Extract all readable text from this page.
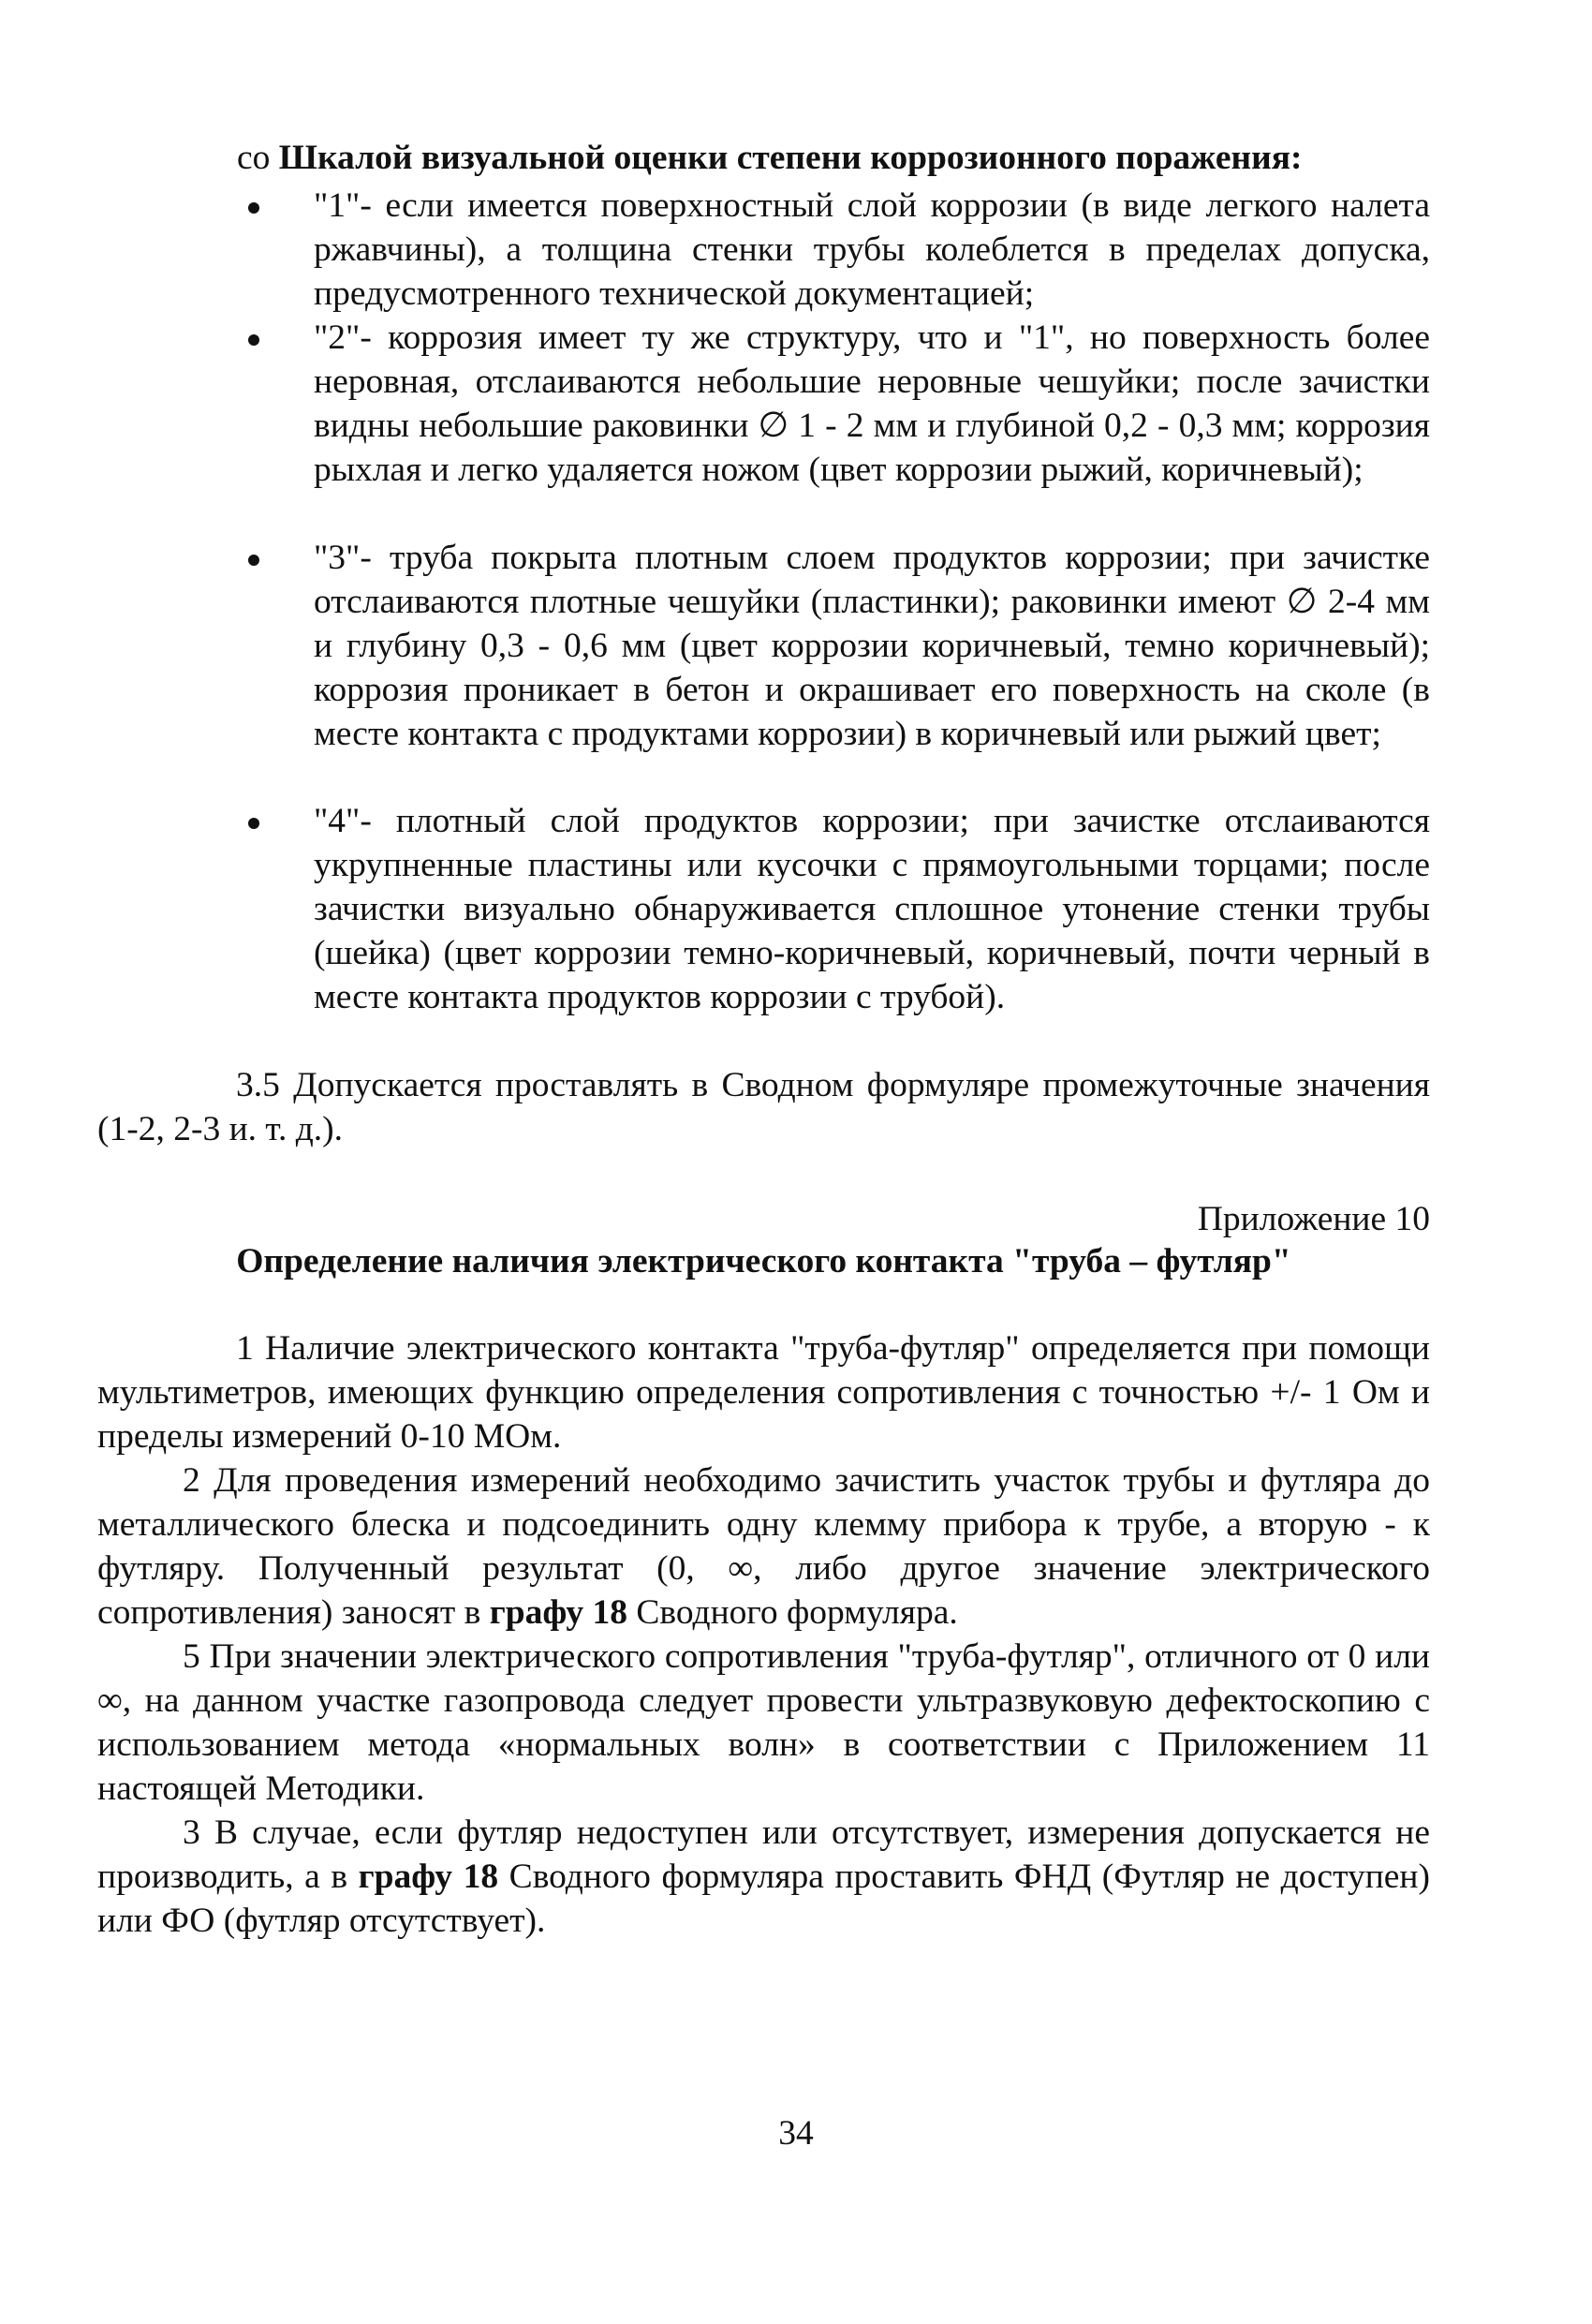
со Шкалой визуальной оценки степени коррозионного поражения:

"1"- если имеется поверхностный слой коррозии (в виде легкого налета ржавчины), а толщина стенки трубы колеблется в пределах допуска, предусмотренного технической документацией;

"2"- коррозия имеет ту же структуру, что и "1", но поверхность более неровная, отслаиваются небольшие неровные чешуйки; после зачистки видны небольшие раковинки ∅ 1 - 2 мм и глубиной 0,2 - 0,3 мм; коррозия рыхлая и легко удаляется ножом (цвет коррозии рыжий, коричневый);

"3"- труба покрыта плотным слоем продуктов коррозии; при зачистке отслаиваются плотные чешуйки (пластинки); раковинки имеют ∅ 2-4 мм и глубину 0,3 - 0,6 мм (цвет коррозии коричневый, темно коричневый); коррозия проникает в бетон и окрашивает его поверхность на сколе (в месте контакта с продуктами коррозии) в коричневый или рыжий цвет;

"4"- плотный слой продуктов коррозии; при зачистке отслаиваются укрупненные пластины или кусочки с прямоугольными торцами; после зачистки визуально обнаруживается сплошное утонение стенки трубы (шейка) (цвет коррозии темно-коричневый, коричневый, почти черный в месте контакта продуктов коррозии с трубой).

3.5 Допускается проставлять в Сводном формуляре промежуточные значения (1-2, 2-3 и. т. д.).

Приложение 10

Определение наличия электрического контакта "труба – футляр"

1 Наличие электрического контакта "труба-футляр" определяется при помощи мультиметров, имеющих функцию определения сопротивления с точностью +/- 1 Ом и пределы измерений 0-10 МОм.

2 Для проведения измерений необходимо зачистить участок трубы и футляра до металлического блеска и подсоединить одну клемму прибора к трубе, а вторую - к футляру. Полученный результат (0, ∞, либо другое значение электрического сопротивления) заносят в графу 18 Сводного формуляра.

5 При значении электрического сопротивления "труба-футляр", отличного от 0 или ∞, на данном участке газопровода следует провести ультразвуковую дефектоскопию с использованием метода «нормальных волн» в соответствии с Приложением 11 настоящей Методики.

3 В случае, если футляр недоступен или отсутствует, измерения допускается не производить, а в графу 18 Сводного формуляра проставить ФНД (Футляр не доступен) или ФО (футляр отсутствует).

34
